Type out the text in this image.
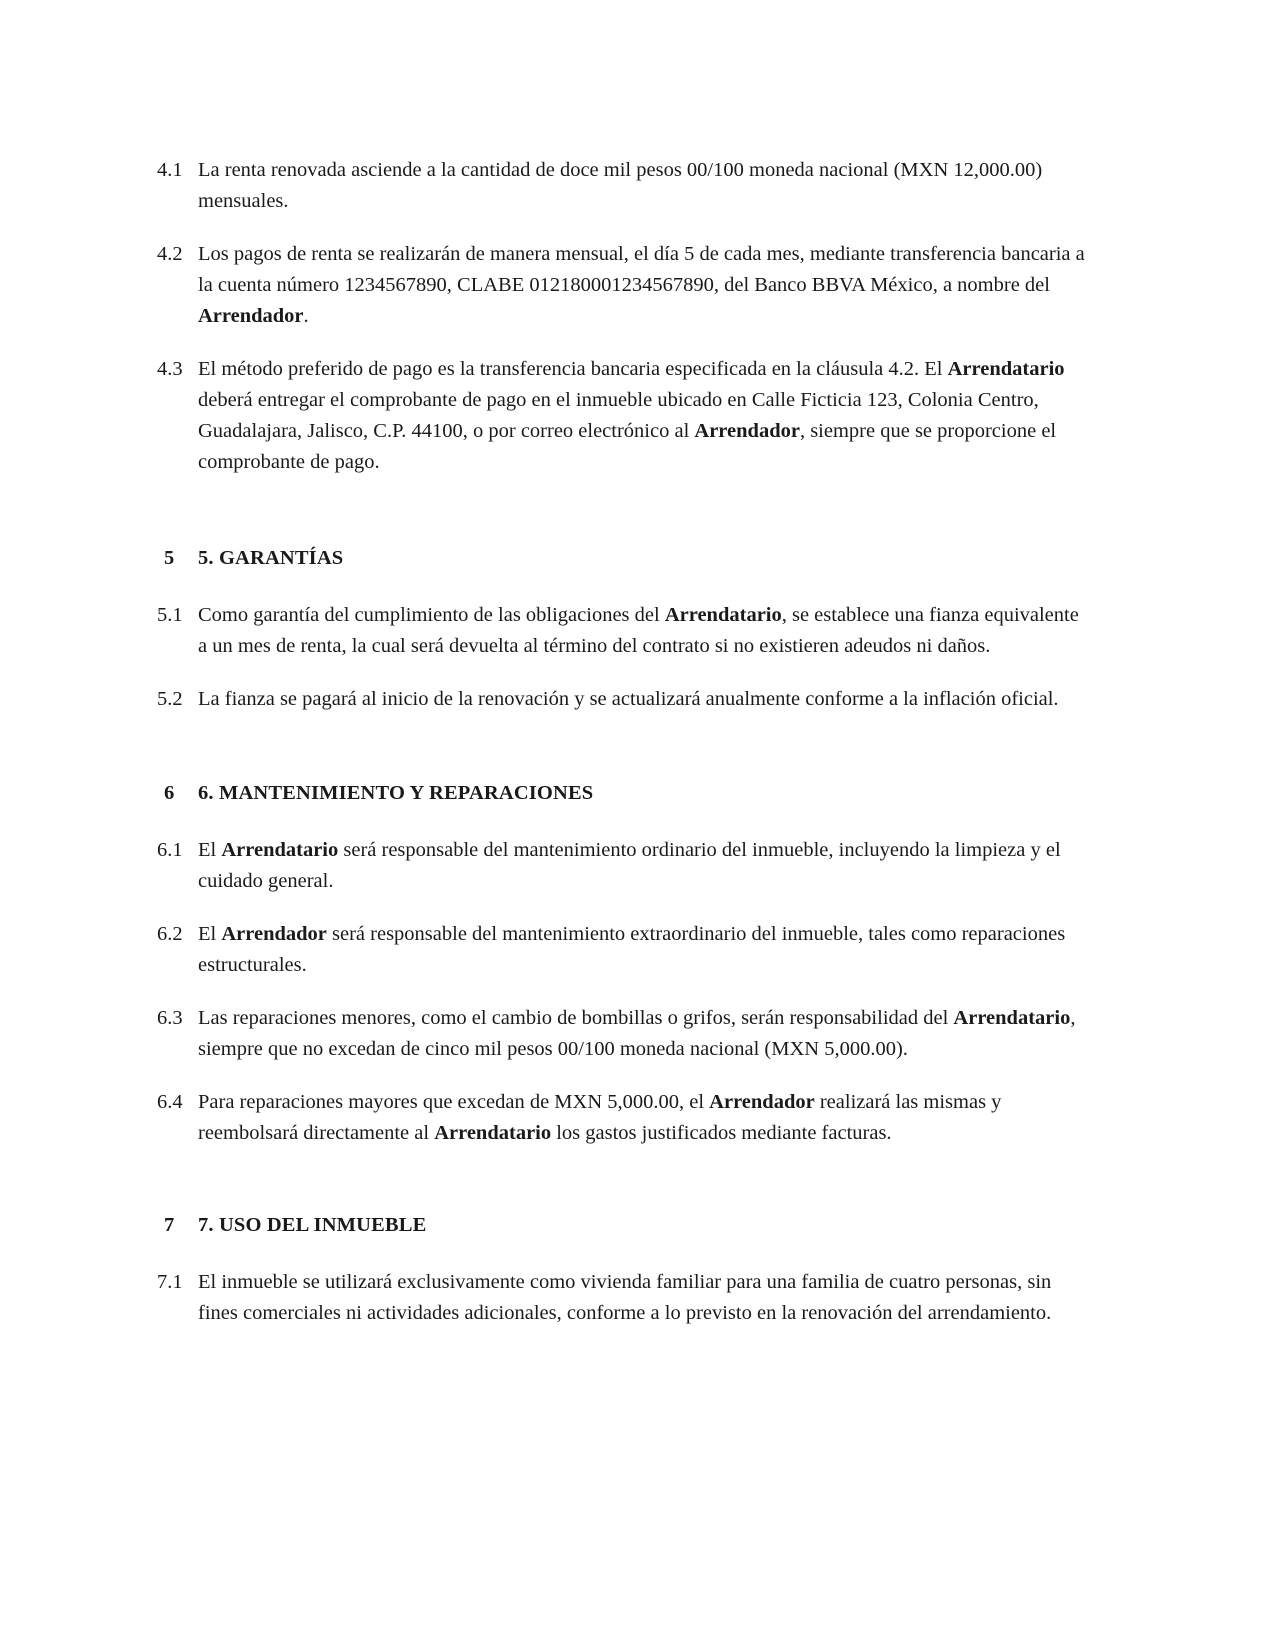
4.1 La renta renovada asciende a la cantidad de doce mil pesos 00/100 moneda nacional (MXN 12,000.00) mensuales.
4.2 Los pagos de renta se realizarán de manera mensual, el día 5 de cada mes, mediante transferencia bancaria a la cuenta número 1234567890, CLABE 012180001234567890, del Banco BBVA México, a nombre del Arrendador.
4.3 El método preferido de pago es la transferencia bancaria especificada en la cláusula 4.2. El Arrendatario deberá entregar el comprobante de pago en el inmueble ubicado en Calle Ficticia 123, Colonia Centro, Guadalajara, Jalisco, C.P. 44100, o por correo electrónico al Arrendador, siempre que se proporcione el comprobante de pago.
5	5. GARANTÍAS
5.1 Como garantía del cumplimiento de las obligaciones del Arrendatario, se establece una fianza equivalente a un mes de renta, la cual será devuelta al término del contrato si no existieren adeudos ni daños.
5.2 La fianza se pagará al inicio de la renovación y se actualizará anualmente conforme a la inflación oficial.
6	6. MANTENIMIENTO Y REPARACIONES
6.1 El Arrendatario será responsable del mantenimiento ordinario del inmueble, incluyendo la limpieza y el cuidado general.
6.2 El Arrendador será responsable del mantenimiento extraordinario del inmueble, tales como reparaciones estructurales.
6.3 Las reparaciones menores, como el cambio de bombillas o grifos, serán responsabilidad del Arrendatario, siempre que no excedan de cinco mil pesos 00/100 moneda nacional (MXN 5,000.00).
6.4 Para reparaciones mayores que excedan de MXN 5,000.00, el Arrendador realizará las mismas y reembolsará directamente al Arrendatario los gastos justificados mediante facturas.
7	7. USO DEL INMUEBLE
7.1 El inmueble se utilizará exclusivamente como vivienda familiar para una familia de cuatro personas, sin fines comerciales ni actividades adicionales, conforme a lo previsto en la renovación del arrendamiento.
